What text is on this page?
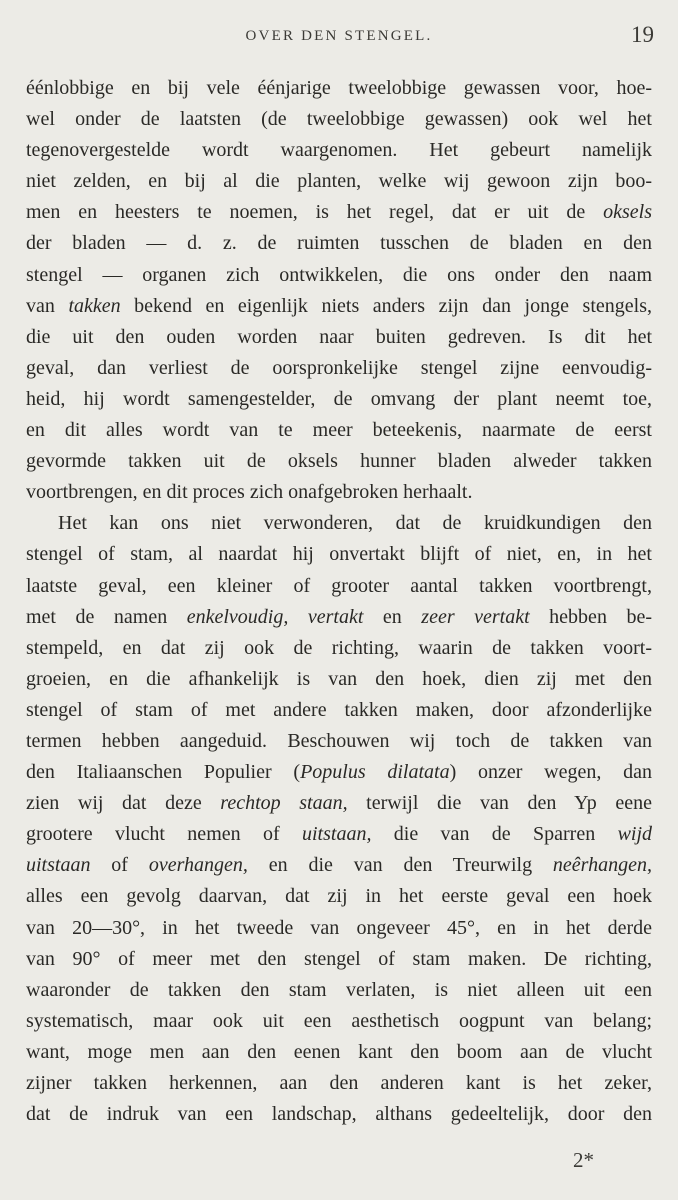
OVER DEN STENGEL.	19
éénlobbige en bij vele éénjarige tweelobbige gewassen voor, hoe-
wel onder de laatsten (de tweelobbige gewassen) ook wel het
tegenovergestelde wordt waargenomen. Het gebeurt namelijk
niet zelden, en bij al die planten, welke wij gewoon zijn boo-
men en heesters te noemen, is het regel, dat er uit de oksels
der bladen — d. z. de ruimten tusschen de bladen en den
stengel — organen zich ontwikkelen, die ons onder den naam
van takken bekend en eigenlijk niets anders zijn dan jonge stengels,
die uit den ouden worden naar buiten gedreven. Is dit het
geval, dan verliest de oorspronkelijke stengel zijne eenvoudig-
heid, hij wordt samengestelder, de omvang der plant neemt toe,
en dit alles wordt van te meer beteekenis, naarmate de eerst
gevormde takken uit de oksels hunner bladen alweder takken
voortbrengen, en dit proces zich onafgebroken herhaalt.
Het kan ons niet verwonderen, dat de kruidkundigen den
stengel of stam, al naardat hij onvertakt blijft of niet, en, in het
laatste geval, een kleiner of grooter aantal takken voortbrengt,
met de namen enkelvoudig, vertakt en zeer vertakt hebben be-
stempeld, en dat zij ook de richting, waarin de takken voort-
groeien, en die afhankelijk is van den hoek, dien zij met den
stengel of stam of met andere takken maken, door afzonderlijke
termen hebben aangeduid. Beschouwen wij toch de takken van
den Italiaanschen Populier (Populus dilatata) onzer wegen, dan
zien wij dat deze rechtop staan, terwijl die van den Yp eene
grootere vlucht nemen of uitstaan, die van de Sparren wijd
uitstaan of overhangen, en die van den Treurwilg neêrhangen,
alles een gevolg daarvan, dat zij in het eerste geval een hoek
van 20—30°, in het tweede van ongeveer 45°, en in het derde
van 90° of meer met den stengel of stam maken. De richting,
waaronder de takken den stam verlaten, is niet alleen uit een
systematisch, maar ook uit een aesthetisch oogpunt van belang;
want, moge men aan den eenen kant den boom aan de vlucht
zijner takken herkennen, aan den anderen kant is het zeker,
dat de indruk van een landschap, althans gedeeltelijk, door den
2*
